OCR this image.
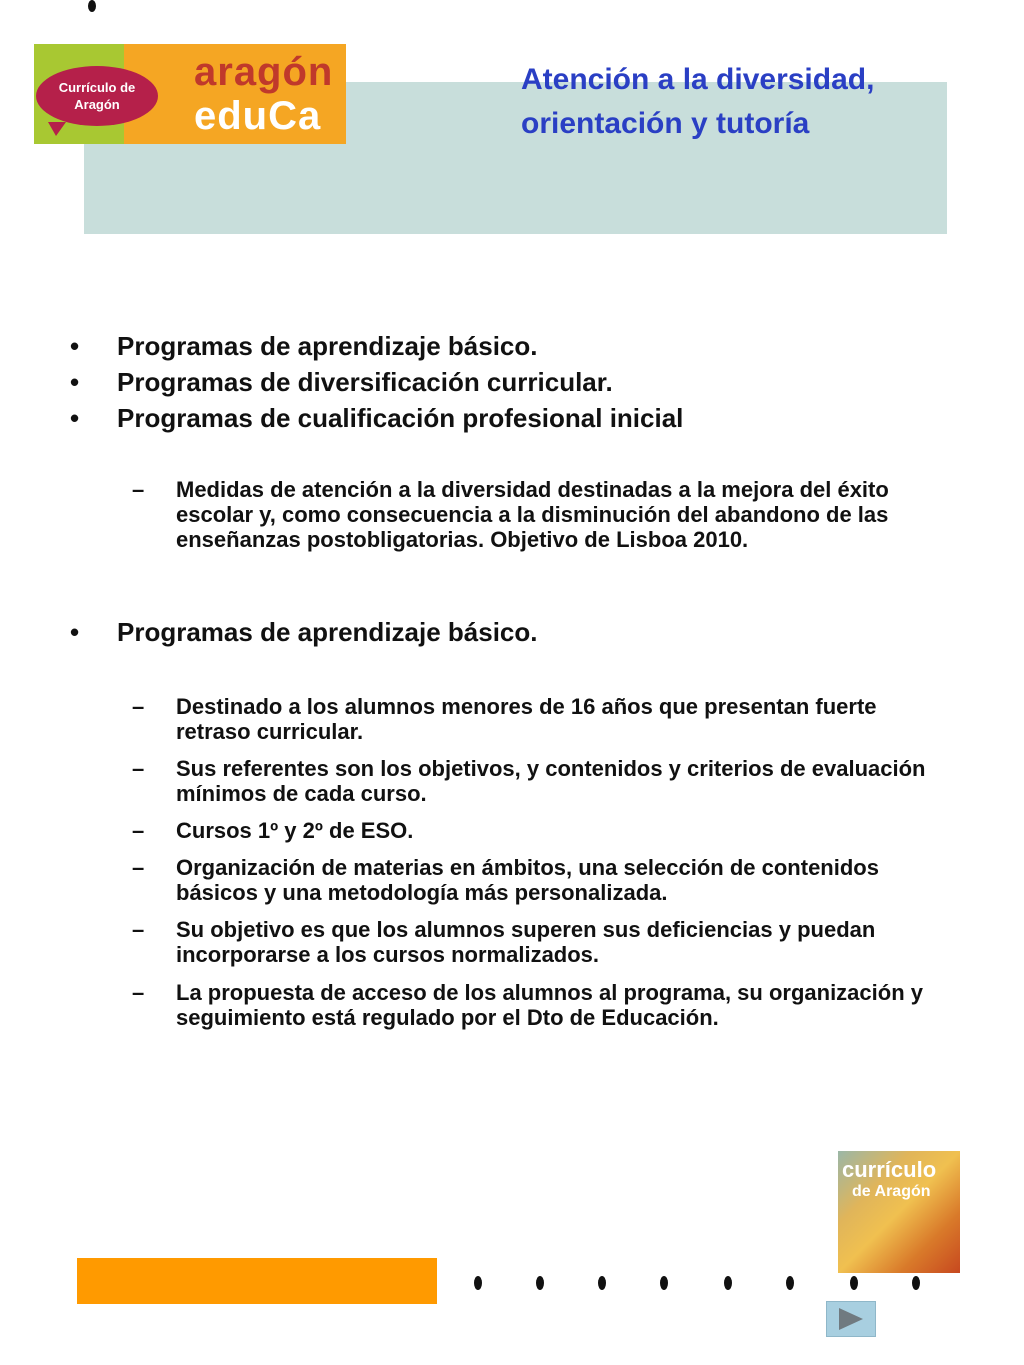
Currículo de Aragón
aragón
eduCa
Atención a la diversidad, orientación y tutoría
•	Programas de aprendizaje básico.
•	Programas de diversificación curricular.
•	Programas de cualificación profesional inicial
–	Medidas de atención a la diversidad destinadas a la mejora del éxito escolar y, como consecuencia a la disminución del abandono de las enseñanzas postobligatorias. Objetivo de Lisboa 2010.
•	Programas de aprendizaje básico.
–	Destinado a los alumnos menores de 16 años que presentan fuerte retraso curricular.
–	Sus referentes son los objetivos, y contenidos y criterios de evaluación mínimos de cada curso.
–	Cursos 1º y 2º de ESO.
–	Organización de materias en ámbitos, una selección de contenidos básicos y una metodología más personalizada.
–	Su objetivo es que los alumnos superen sus deficiencias y puedan incorporarse a los cursos normalizados.
–	La propuesta de acceso de los alumnos al programa, su organización y seguimiento está regulado por el Dto de Educación.
currículo
de Aragón
